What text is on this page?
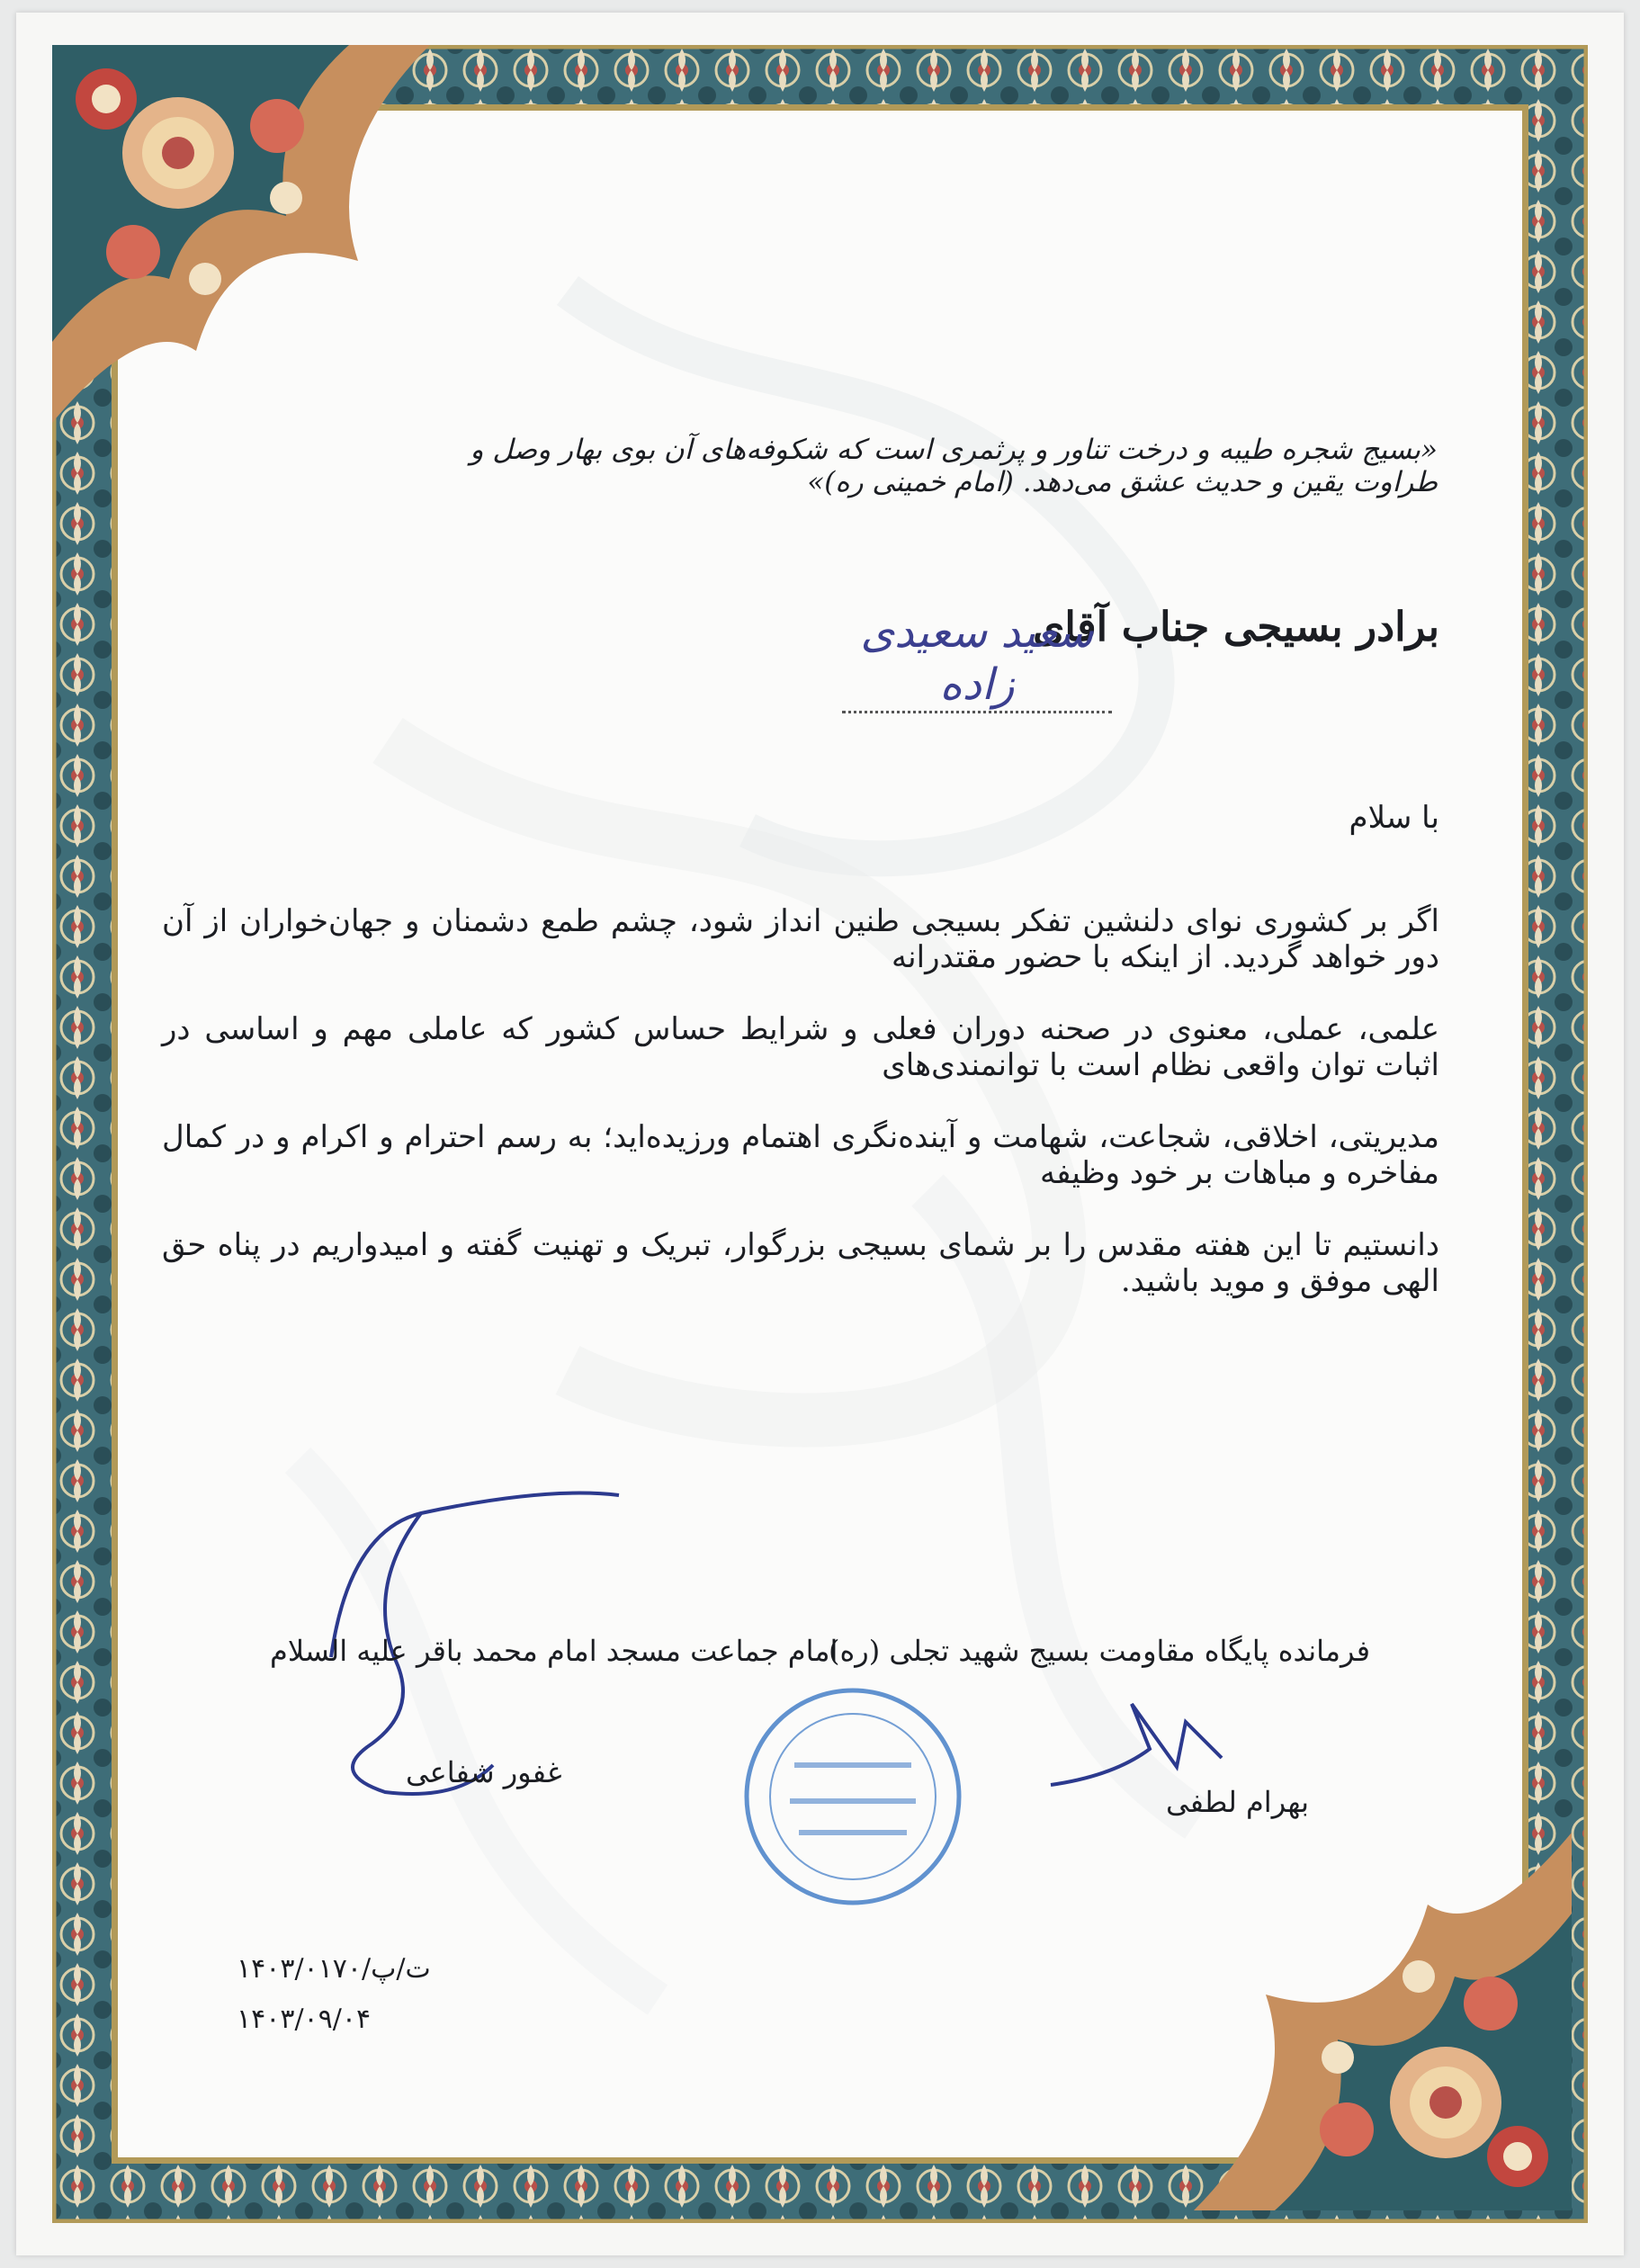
«بسیج شجره طیبه و درخت تناور و پرثمری است که شکوفه‌های آن بوی بهار وصل و طراوت یقین و حدیث عشق می‌دهد. (امام خمینی ره)»
برادر بسیجی جناب آقای
سعید سعیدی زاده
با سلام
اگر بر کشوری نوای دلنشین تفکر بسیجی طنین انداز شود، چشم طمع دشمنان و جهان‌خواران از آن دور خواهد گردید. از اینکه با حضور مقتدرانه
علمی، عملی، معنوی در صحنه دوران فعلی و شرایط حساس کشور که عاملی مهم و اساسی در اثبات توان واقعی نظام است با توانمندی‌های
مدیریتی، اخلاقی، شجاعت، شهامت و آینده‌نگری اهتمام ورزیده‌اید؛ به رسم احترام و اکرام و در کمال مفاخره و مباهات بر خود وظیفه
دانستیم تا این هفته مقدس را بر شمای بسیجی بزرگوار، تبریک و تهنیت گفته و امیدواریم در پناه حق الهی موفق و موید باشید.
امام جماعت مسجد امام محمد باقر علیه السلام
غفور شفاعی
فرمانده پایگاه مقاومت بسیج شهید تجلی (ره)
بهرام لطفی
۱۴۰۳/۰۱۷۰/ت/پ
۱۴۰۳/۰۹/۰۴
